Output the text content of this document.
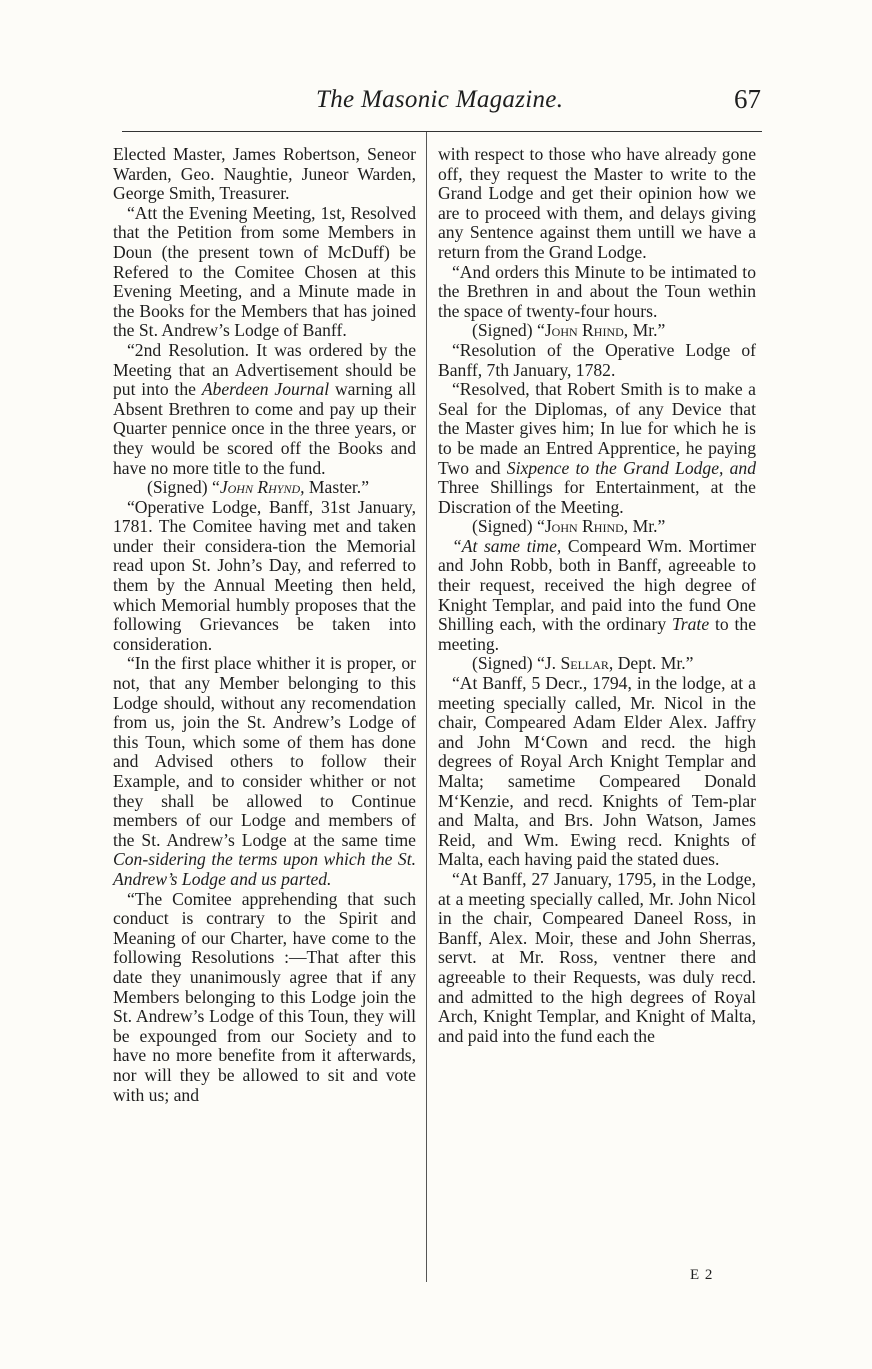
The Masonic Magazine.	67

Elected Master, James Robertson, Seneor Warden, Geo. Naughtie, Juneor Warden, George Smith, Treasurer.

“Att the Evening Meeting, 1st, Resolved that the Petition from some Members in Doun (the present town of McDuff) be Refered to the Comitee Chosen at this Evening Meeting, and a Minute made in the Books for the Members that has joined the St. Andrew’s Lodge of Banff.

“2nd Resolution. It was ordered by the Meeting that an Advertisement should be put into the Aberdeen Journal warning all Absent Brethren to come and pay up their Quarter pennice once in the three years, or they would be scored off the Books and have no more title to the fund.

(Signed) “John Rhynd, Master.”

“Operative Lodge, Banff, 31st January, 1781. The Comitee having met and taken under their considera-tion the Memorial read upon St. John’s Day, and referred to them by the Annual Meeting then held, which Memorial humbly proposes that the following Grievances be taken into consideration.

“In the first place whither it is proper, or not, that any Member belonging to this Lodge should, without any recomendation from us, join the St. Andrew’s Lodge of this Toun, which some of them has done and Advised others to follow their Example, and to consider whither or not they shall be allowed to Continue members of our Lodge and members of the St. Andrew’s Lodge at the same time Con-sidering the terms upon which the St. Andrew’s Lodge and us parted.

“The Comitee apprehending that such conduct is contrary to the Spirit and Meaning of our Charter, have come to the following Resolutions :—That after this date they unanimously agree that if any Members belonging to this Lodge join the St. Andrew’s Lodge of this Toun, they will be expounged from our Society and to have no more benefite from it afterwards, nor will they be allowed to sit and vote with us; and

with respect to those who have already gone off, they request the Master to write to the Grand Lodge and get their opinion how we are to proceed with them, and delays giving any Sentence against them untill we have a return from the Grand Lodge.

“And orders this Minute to be intimated to the Brethren in and about the Toun wethin the space of twenty-four hours.

(Signed) “John Rhind, Mr.”

“Resolution of the Operative Lodge of Banff, 7th January, 1782.

“Resolved, that Robert Smith is to make a Seal for the Diplomas, of any Device that the Master gives him; In lue for which he is to be made an Entred Apprentice, he paying Two and Sixpence to the Grand Lodge, and Three Shillings for Entertainment, at the Discration of the Meeting.

(Signed) “John Rhind, Mr.”

“At same time, Compeard Wm. Mortimer and John Robb, both in Banff, agreeable to their request, received the high degree of Knight Templar, and paid into the fund One Shilling each, with the ordinary Trate to the meeting.

(Signed) “J. Sellar, Dept. Mr.”

“At Banff, 5 Decr., 1794, in the lodge, at a meeting specially called, Mr. Nicol in the chair, Compeared Adam Elder Alex. Jaffry and John M‘Cown and recd. the high degrees of Royal Arch Knight Templar and Malta; sametime Compeared Donald M‘Kenzie, and recd. Knights of Tem-plar and Malta, and Brs. John Watson, James Reid, and Wm. Ewing recd. Knights of Malta, each having paid the stated dues.

“At Banff, 27 January, 1795, in the Lodge, at a meeting specially called, Mr. John Nicol in the chair, Compeared Daneel Ross, in Banff, Alex. Moir, these and John Sherras, servt. at Mr. Ross, ventner there and agreeable to their Requests, was duly recd. and admitted to the high degrees of Royal Arch, Knight Templar, and Knight of Malta, and paid into the fund each the

E 2
